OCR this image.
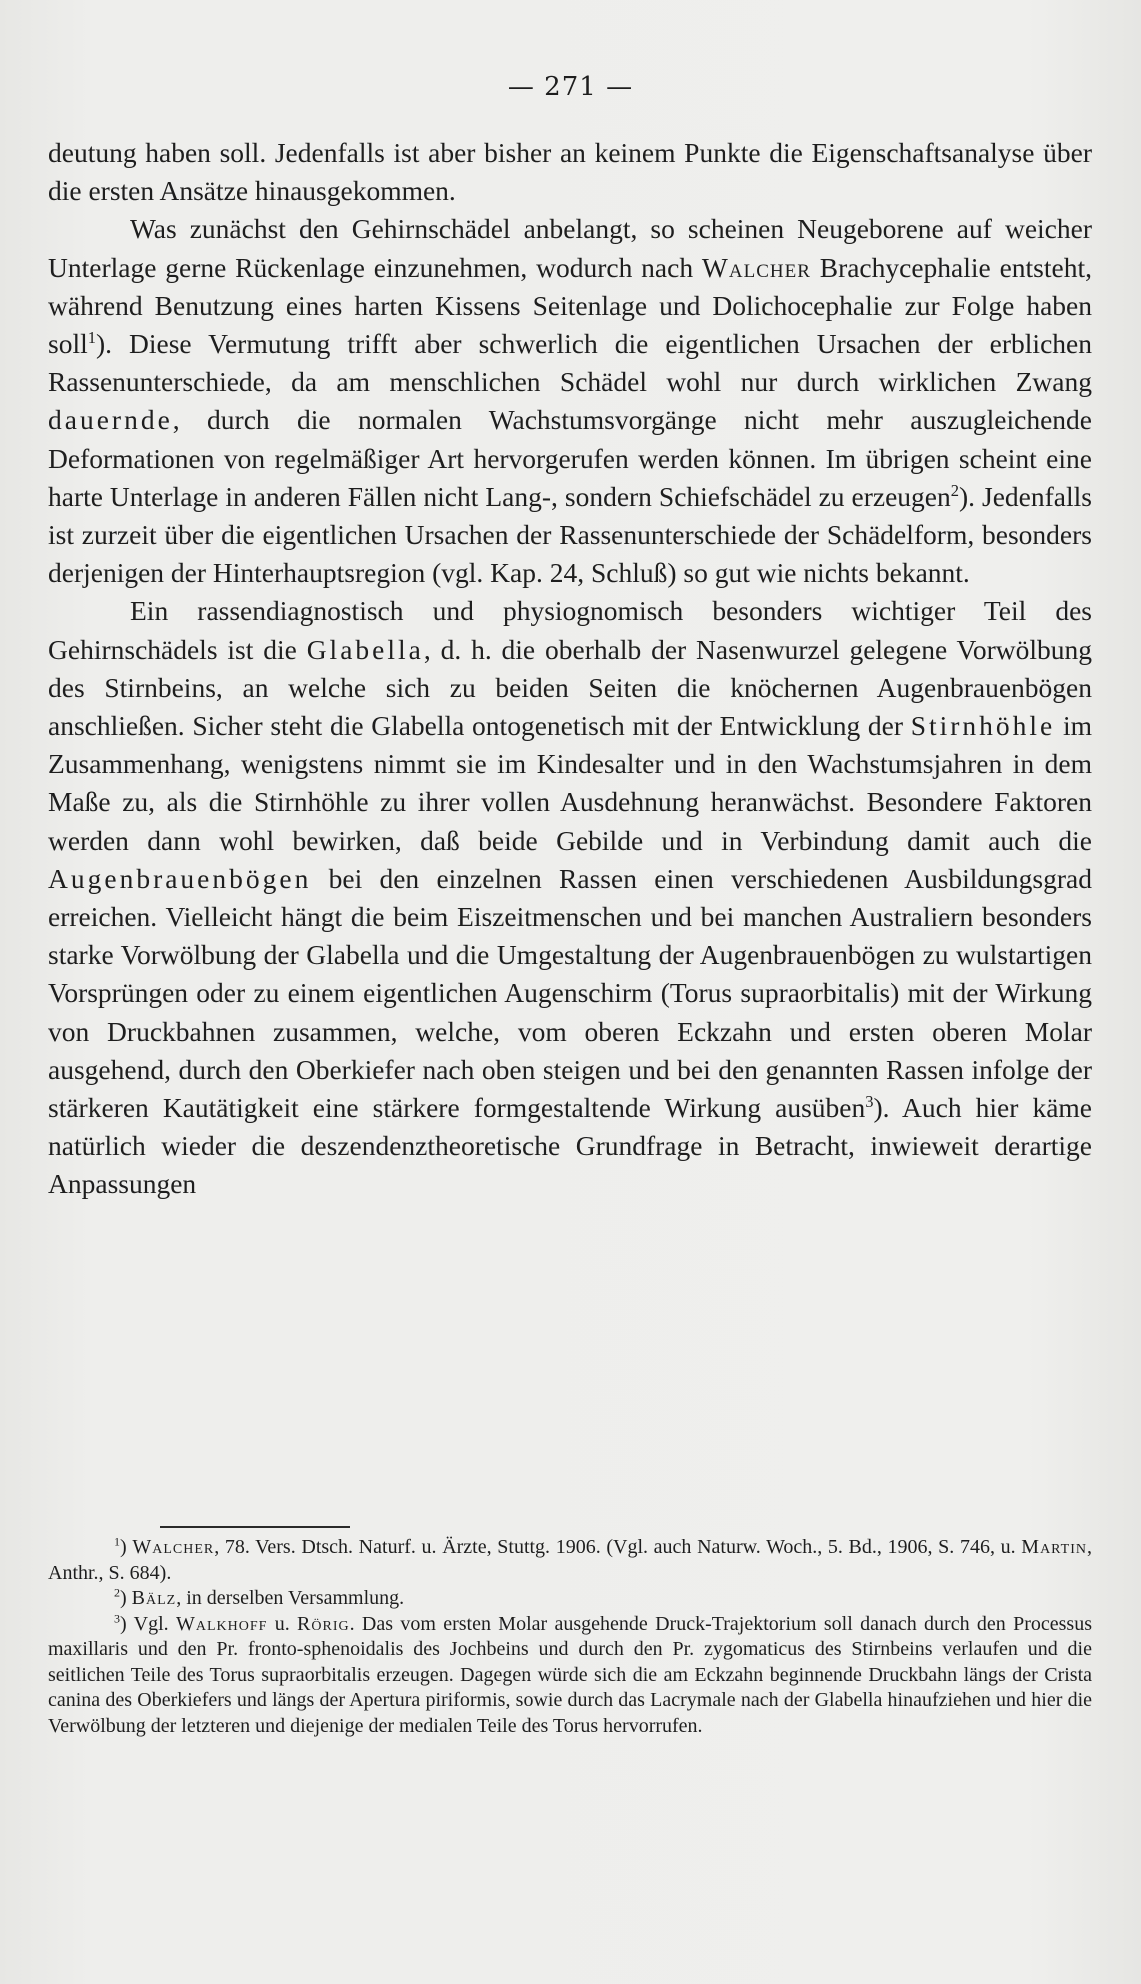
— 271 —

deutung haben soll. Jedenfalls ist aber bisher an keinem Punkte die Eigenschaftsanalyse über die ersten Ansätze hinausgekommen.

Was zunächst den Gehirnschädel anbelangt, so scheinen Neugeborene auf weicher Unterlage gerne Rückenlage einzunehmen, wodurch nach Walcher Brachycephalie entsteht, während Benutzung eines harten Kissens Seitenlage und Dolichocephalie zur Folge haben soll$^1$). Diese Vermutung trifft aber schwerlich die eigentlichen Ursachen der erblichen Rassenunterschiede, da am menschlichen Schädel wohl nur durch wirklichen Zwang dauernde, durch die normalen Wachstumsvorgänge nicht mehr auszugleichende Deformationen von regelmäßiger Art hervorgerufen werden können. Im übrigen scheint eine harte Unterlage in anderen Fällen nicht Lang-, sondern Schiefschädel zu erzeugen$^2$). Jedenfalls ist zurzeit über die eigentlichen Ursachen der Rassenunterschiede der Schädelform, besonders derjenigen der Hinterhauptsregion (vgl. Kap. 24, Schluß) so gut wie nichts bekannt.

Ein rassendiagnostisch und physiognomisch besonders wichtiger Teil des Gehirnschädels ist die Glabella, d. h. die oberhalb der Nasenwurzel gelegene Vorwölbung des Stirnbeins, an welche sich zu beiden Seiten die knöchernen Augenbrauenbögen anschließen. Sicher steht die Glabella ontogenetisch mit der Entwicklung der Stirnhöhle im Zusammenhang, wenigstens nimmt sie im Kindesalter und in den Wachstumsjahren in dem Maße zu, als die Stirnhöhle zu ihrer vollen Ausdehnung heranwächst. Besondere Faktoren werden dann wohl bewirken, daß beide Gebilde und in Verbindung damit auch die Augenbrauenbögen bei den einzelnen Rassen einen verschiedenen Ausbildungsgrad erreichen. Vielleicht hängt die beim Eiszeitmenschen und bei manchen Australiern besonders starke Vorwölbung der Glabella und die Umgestaltung der Augenbrauenbögen zu wulstartigen Vorsprüngen oder zu einem eigentlichen Augenschirm (Torus supraorbitalis) mit der Wirkung von Druckbahnen zusammen, welche, vom oberen Eckzahn und ersten oberen Molar ausgehend, durch den Oberkiefer nach oben steigen und bei den genannten Rassen infolge der stärkeren Kautätigkeit eine stärkere formgestaltende Wirkung ausüben$^3$). Auch hier käme natürlich wieder die deszendenztheoretische Grundfrage in Betracht, inwieweit derartige Anpassungen

$^1$) Walcher, 78. Vers. Dtsch. Naturf. u. Ärzte, Stuttg. 1906. (Vgl. auch Naturw. Woch., 5. Bd., 1906, S. 746, u. Martin, Anthr., S. 684).

$^2$) Bälz, in derselben Versammlung.

$^3$) Vgl. Walkhoff u. Rörig. Das vom ersten Molar ausgehende Druck-Trajektorium soll danach durch den Processus maxillaris und den Pr. fronto-sphenoidalis des Jochbeins und durch den Pr. zygomaticus des Stirnbeins verlaufen und die seitlichen Teile des Torus supraorbitalis erzeugen. Dagegen würde sich die am Eckzahn beginnende Druckbahn längs der Crista canina des Oberkiefers und längs der Apertura piriformis, sowie durch das Lacrymale nach der Glabella hinaufziehen und hier die Verwölbung der letzteren und diejenige der medialen Teile des Torus hervorrufen.
